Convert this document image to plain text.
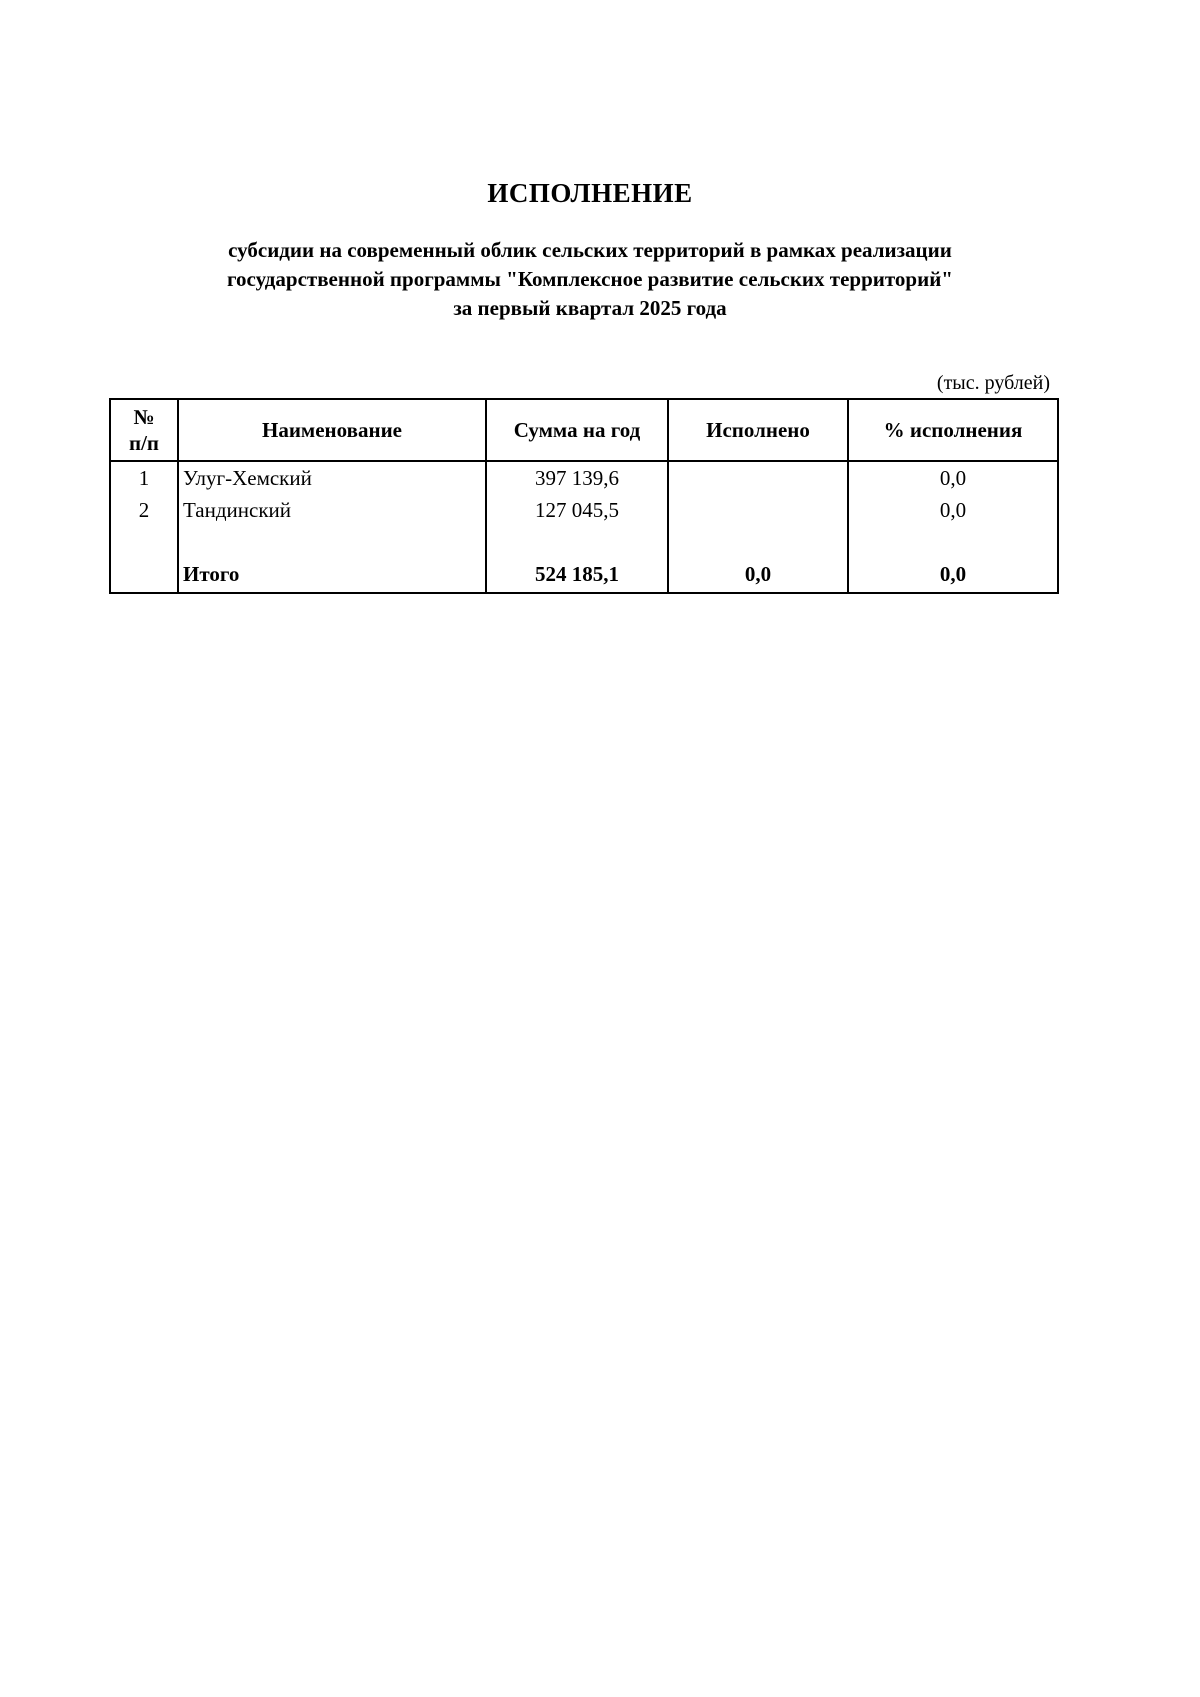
ИСПОЛНЕНИЕ
субсидии на современный облик сельских территорий в рамках реализации
государственной программы "Комплексное развитие сельских территорий"
за первый квартал 2025 года
(тыс. рублей)
№
п/п	Наименование	Сумма на год	Исполнено	% исполнения
1	Улуг-Хемский	397 139,6		0,0
2	Тандинский	127 045,5		0,0

	Итого	524 185,1	0,0	0,0
